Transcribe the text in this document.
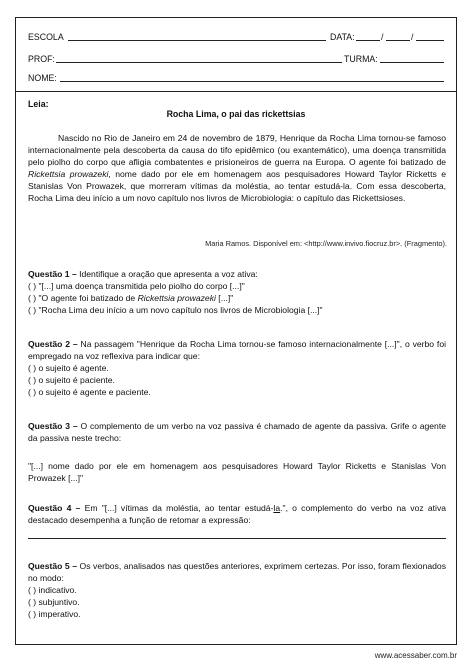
ESCOLA	DATA:	/	/
PROF:	TURMA:
NOME:
Leia:
Rocha Lima, o pai das rickettsias
Nascido no Rio de Janeiro em 24 de novembro de 1879, Henrique da Rocha Lima tornou-se famoso internacionalmente pela descoberta da causa do tifo epidêmico (ou exantemático), uma doença transmitida pelo piolho do corpo que afligia combatentes e prisioneiros de guerra na Europa. O agente foi batizado de Rickettsia prowazeki, nome dado por ele em homenagem aos pesquisadores Howard Taylor Ricketts e Stanislas Von Prowazek, que morreram vítimas da moléstia, ao tentar estudá-la. Com essa descoberta, Rocha Lima deu início a um novo capítulo nos livros de Microbiologia: o capítulo das Rickettsioses.
Maria Ramos. Disponível em: <http://www.invivo.fiocruz.br>. (Fragmento).
Questão 1 – Identifique a oração que apresenta a voz ativa:
( ) "[...] uma doença transmitida pelo piolho do corpo [...]"
( ) "O agente foi batizado de Rickettsia prowazeki [...]"
( ) "Rocha Lima deu início a um novo capítulo nos livros de Microbiologia [...]"
Questão 2 – Na passagem "Henrique da Rocha Lima tornou-se famoso internacionalmente [...]", o verbo foi empregado na voz reflexiva para indicar que:
( ) o sujeito é agente.
( ) o sujeito é paciente.
( ) o sujeito é agente e paciente.
Questão 3 – O complemento de um verbo na voz passiva é chamado de agente da passiva. Grife o agente da passiva neste trecho:
"[...] nome dado por ele em homenagem aos pesquisadores Howard Taylor Ricketts e Stanislas Von Prowazek [...]"
Questão 4 – Em "[...] vítimas da moléstia, ao tentar estudá-la.", o complemento do verbo na voz ativa destacado desempenha a função de retomar a expressão:
Questão 5 – Os verbos, analisados nas questões anteriores, exprimem certezas. Por isso, foram flexionados no modo:
( ) indicativo.
( ) subjuntivo.
( ) imperativo.
www.acessaber.com.br
